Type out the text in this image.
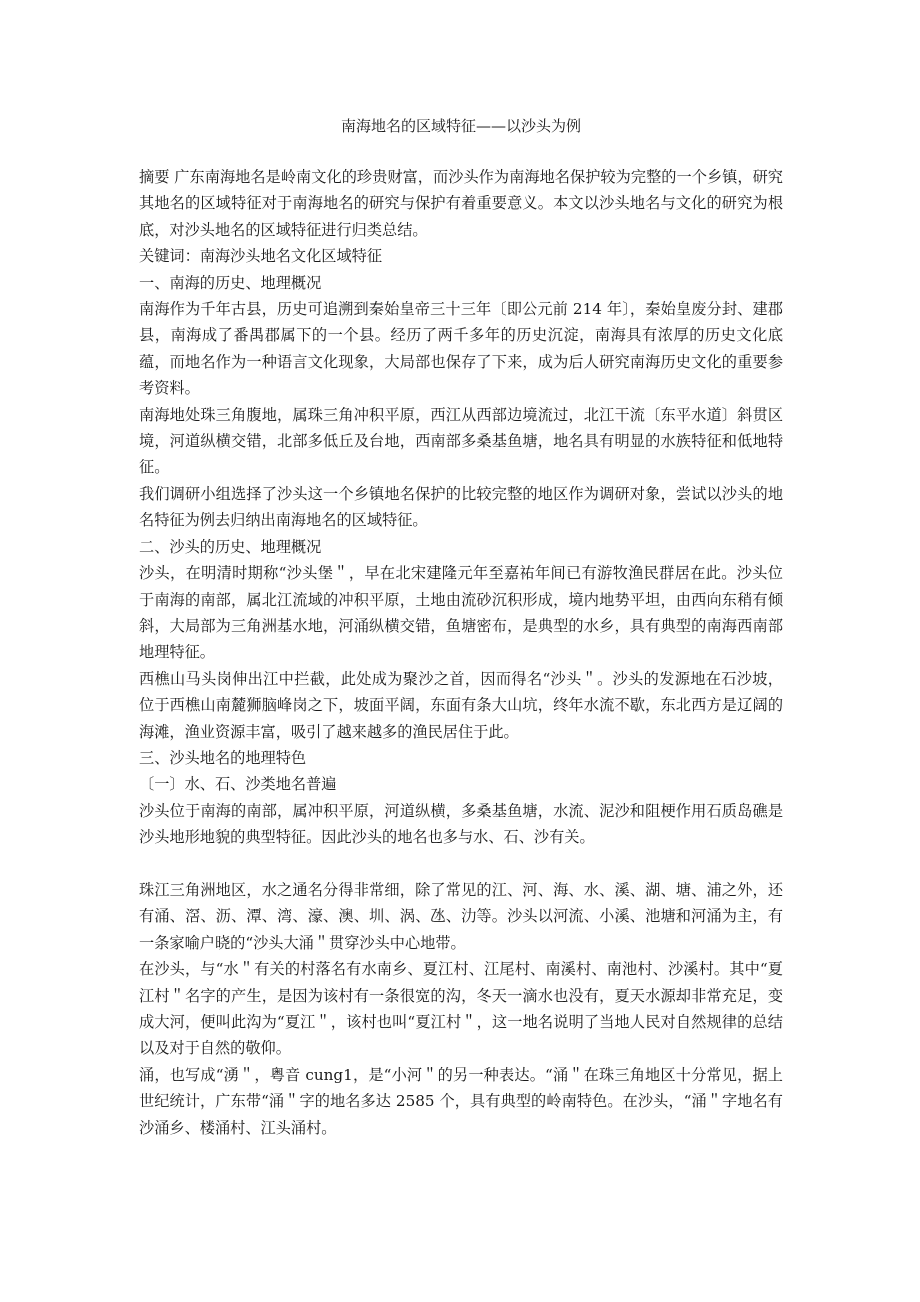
南海地名的区域特征——以沙头为例

摘要 广东南海地名是岭南文化的珍贵财富，而沙头作为南海地名保护较为完整的一个乡镇，研究其地名的区域特征对于南海地名的研究与保护有着重要意义。本文以沙头地名与文化的研究为根底，对沙头地名的区域特征进行归类总结。

关键词：南海沙头地名文化区域特征

一、南海的历史、地理概况

南海作为千年古县，历史可追溯到秦始皇帝三十三年〔即公元前 214 年〕，秦始皇废分封、建郡县，南海成了番禺郡属下的一个县。经历了两千多年的历史沉淀，南海具有浓厚的历史文化底蕴，而地名作为一种语言文化现象，大局部也保存了下来，成为后人研究南海历史文化的重要参考资料。

南海地处珠三角腹地，属珠三角冲积平原，西江从西部边境流过，北江干流〔东平水道〕斜贯区境，河道纵横交错，北部多低丘及台地，西南部多桑基鱼塘，地名具有明显的水族特征和低地特征。

我们调研小组选择了沙头这一个乡镇地名保护的比较完整的地区作为调研对象，尝试以沙头的地名特征为例去归纳出南海地名的区域特征。

二、沙头的历史、地理概况

沙头，在明清时期称“沙头堡＂，早在北宋建隆元年至嘉祐年间已有游牧渔民群居在此。沙头位于南海的南部，属北江流域的冲积平原，土地由流砂沉积形成，境内地势平坦，由西向东稍有倾斜，大局部为三角洲基水地，河涌纵横交错，鱼塘密布，是典型的水乡，具有典型的南海西南部地理特征。

西樵山马头岗伸出江中拦截，此处成为聚沙之首，因而得名“沙头＂。沙头的发源地在石沙坡，位于西樵山南麓狮脑峰岗之下，坡面平阔，东面有条大山坑，终年水流不歇，东北西方是辽阔的海滩，渔业资源丰富，吸引了越来越多的渔民居住于此。

三、沙头地名的地理特色

〔一〕水、石、沙类地名普遍

沙头位于南海的南部，属冲积平原，河道纵横，多桑基鱼塘，水流、泥沙和阻梗作用石质岛礁是沙头地形地貌的典型特征。因此沙头的地名也多与水、石、沙有关。

珠江三角洲地区，水之通名分得非常细，除了常见的江、河、海、水、溪、湖、塘、浦之外，还有涌、滘、沥、潭、湾、濠、澳、圳、涡、氹、氻等。沙头以河流、小溪、池塘和河涌为主，有一条家喻户晓的“沙头大涌＂贯穿沙头中心地带。

在沙头，与“水＂有关的村落名有水南乡、夏江村、江尾村、南溪村、南池村、沙溪村。其中“夏江村＂名字的产生，是因为该村有一条很宽的沟，冬天一滴水也没有，夏天水源却非常充足，变成大河，便叫此沟为“夏江＂，该村也叫“夏江村＂，这一地名说明了当地人民对自然规律的总结以及对于自然的敬仰。

涌，也写成“湧＂，粤音 cung1，是“小河＂的另一种表达。“涌＂在珠三角地区十分常见，据上世纪统计，广东带“涌＂字的地名多达 2585 个，具有典型的岭南特色。在沙头，“涌＂字地名有沙涌乡、楼涌村、江头涌村。
